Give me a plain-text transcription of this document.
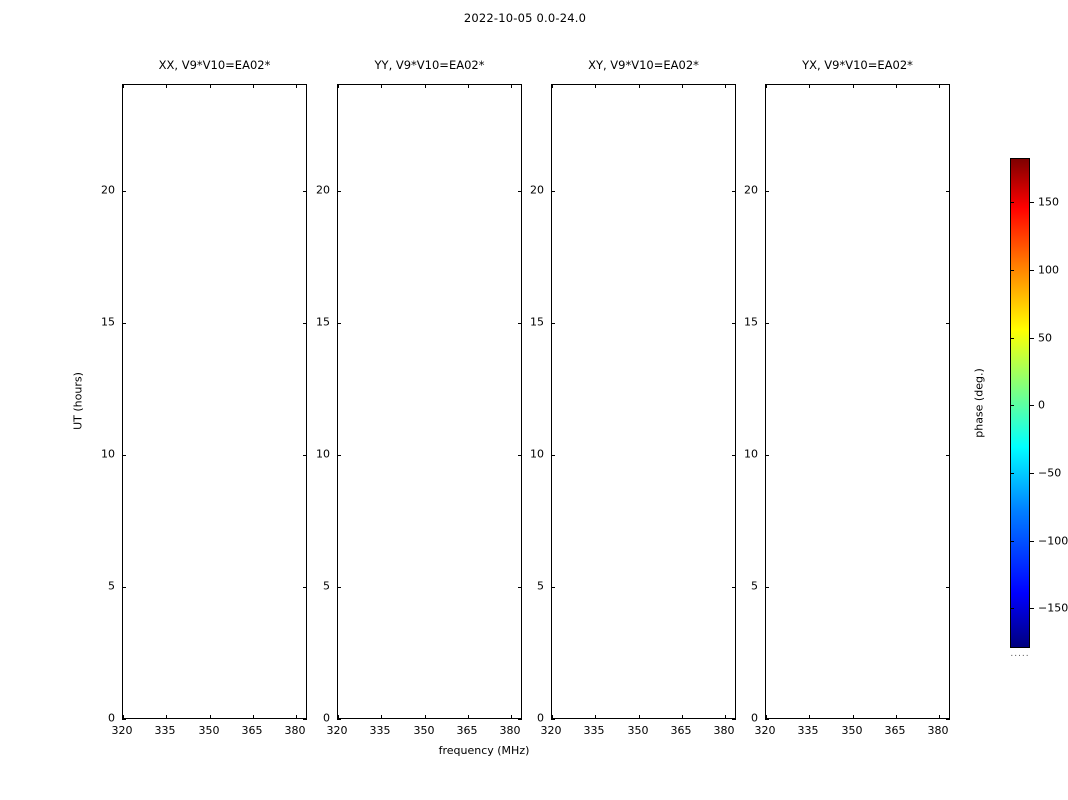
2022-10-05 0.0-24.0
XX, V9*V10=EA02*
320 335 350 365 380
0
5
10
15
20
YY, V9*V10=EA02*
320 335 350 365 380
0
5
10
15
20
XY, V9*V10=EA02*
320 335 350 365 380
0
5
10
15
20
YX, V9*V10=EA02*
320 335 350 365 380
0
5
10
15
20
UT (hours)
frequency (MHz)
150
100
50
0
−50
−100
−150
.....
phase (deg.)
